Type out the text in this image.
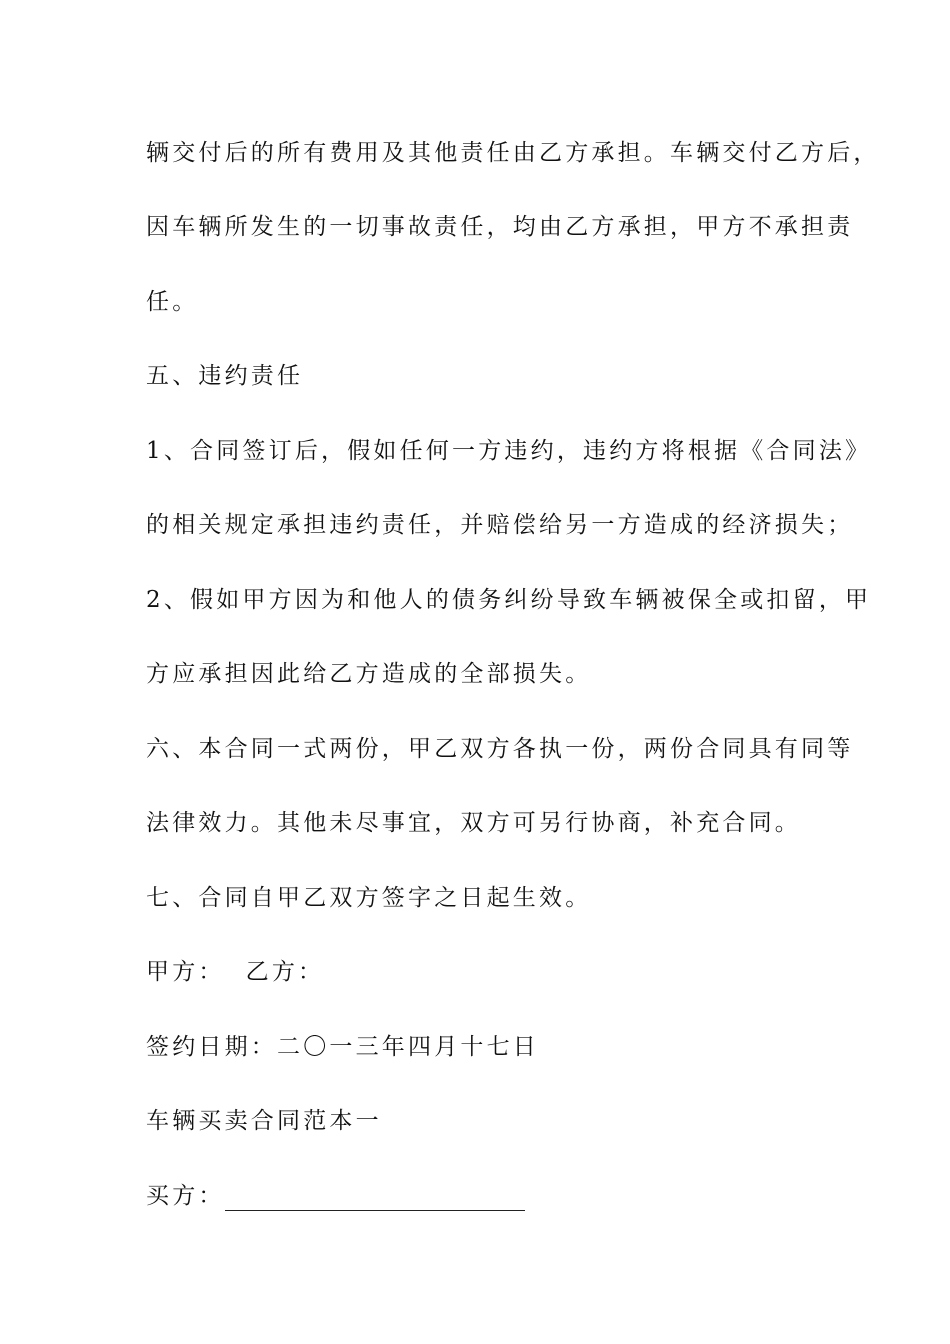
辆交付后的所有费用及其他责任由乙方承担。车辆交付乙方后，
因车辆所发生的一切事故责任，均由乙方承担，甲方不承担责
任。
五、违约责任
1、合同签订后，假如任何一方违约，违约方将根据《合同法》
的相关规定承担违约责任，并赔偿给另一方造成的经济损失；
2、假如甲方因为和他人的债务纠纷导致车辆被保全或扣留，甲
方应承担因此给乙方造成的全部损失。
六、本合同一式两份，甲乙双方各执一份，两份合同具有同等
法律效力。其他未尽事宜，双方可另行协商，补充合同。
七、合同自甲乙双方签字之日起生效。
甲方：  乙方：
签约日期：二〇一三年四月十七日
车辆买卖合同范本一
买方：
